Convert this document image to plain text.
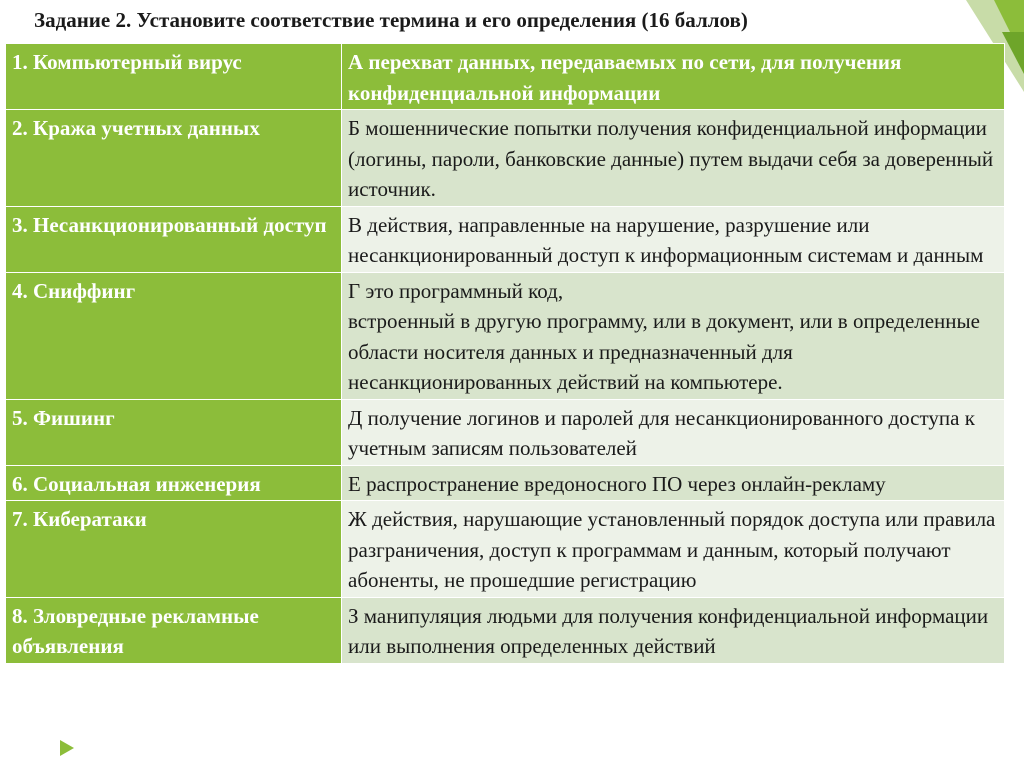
Задание 2. Установите соответствие термина и его определения (16 баллов)
1. Компьютерный вирус	А перехват данных, передаваемых по сети, для получения конфиденциальной информации
2. Кража учетных данных	Б мошеннические попытки получения конфиденциальной информации (логины, пароли, банковские данные) путем выдачи себя за доверенный источник.
3. Несанкционированный доступ	В действия, направленные на нарушение, разрушение или несанкционированный доступ к информационным системам и данным
4. Сниффинг	Г это программный код,
встроенный в другую программу, или в документ, или в определенные области носителя данных и предназначенный для несанкционированных действий на компьютере.

5. Фишинг	Д получение логинов и паролей для несанкционированного доступа к учетным записям пользователей
6. Социальная инженерия	Е распространение вредоносного ПО через онлайн-рекламу
7. Кибератаки	Ж действия, нарушающие установленный порядок доступа или правила разграничения, доступ к программам и данным, который получают абоненты, не прошедшие регистрацию
8. Зловредные рекламные объявления	З манипуляция людьми для получения конфиденциальной информации или выполнения определенных действий
